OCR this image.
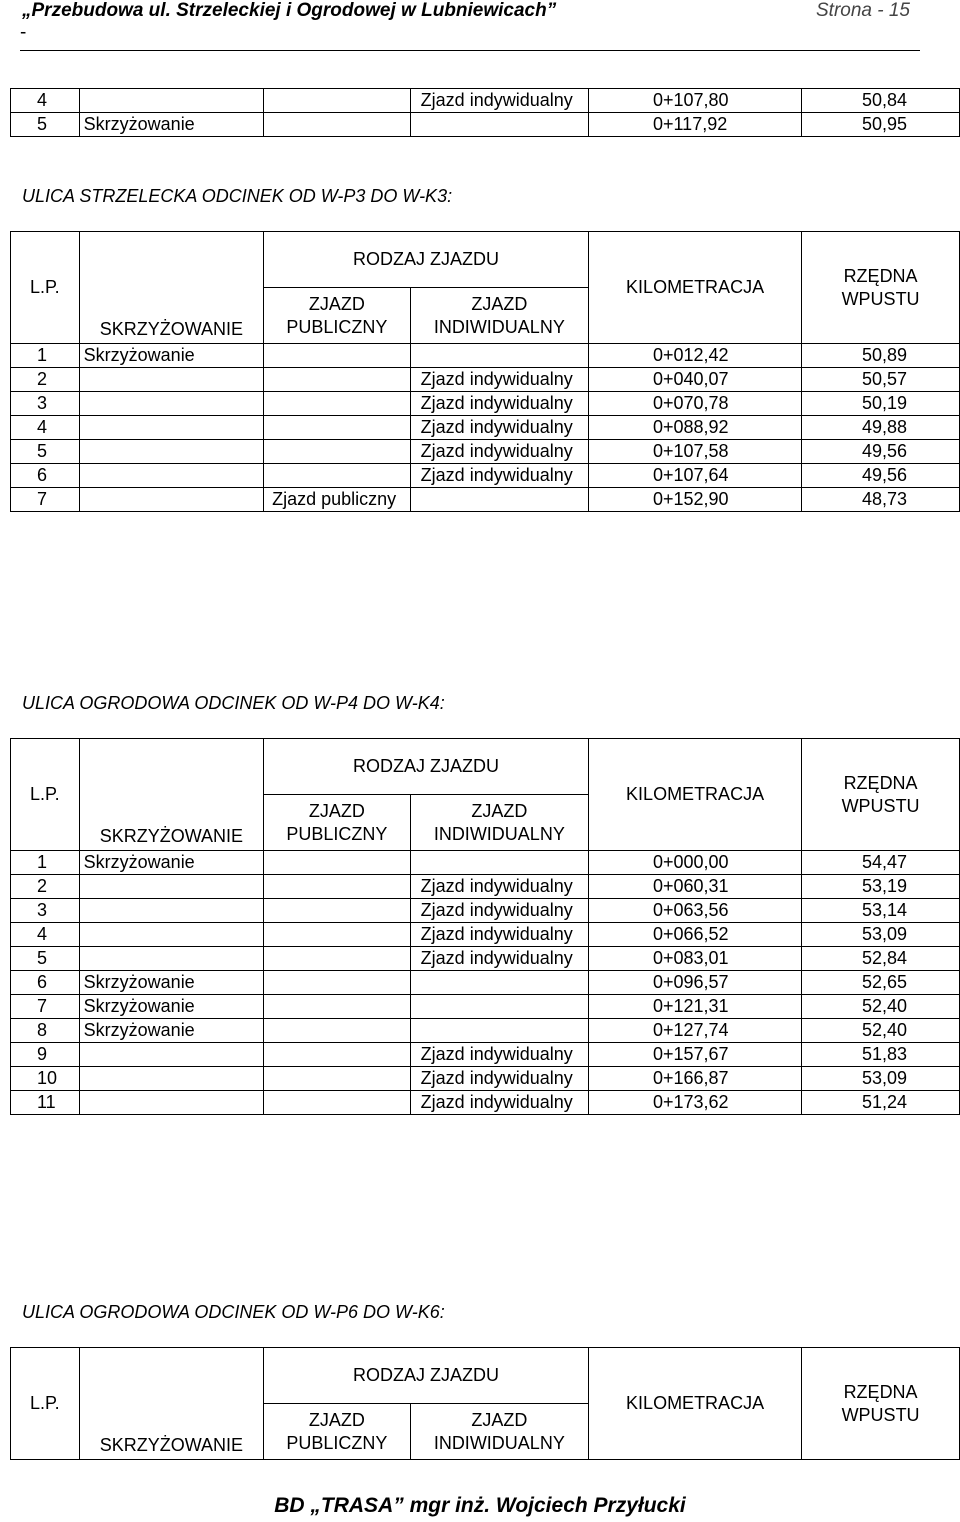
„Przebudowa ul. Strzeleckiej i Ogrodowej w Lubniewicach”	Strona - 15
-
4			Zjazd indywidualny	0+107,80	50,84
5	Skrzyżowanie			0+117,92	50,95
ULICA STRZELECKA ODCINEK OD W-P3 DO W-K3:
L.P.	SKRZYŻOWANIE	RODZAJ ZJAZDU		KILOMETRACJA	RZĘDNA WPUSTU
		ZJAZD PUBLICZNY	ZJAZD INDIWIDUALNY		
1	Skrzyżowanie			0+012,42	50,89
2			Zjazd indywidualny	0+040,07	50,57
3			Zjazd indywidualny	0+070,78	50,19
4			Zjazd indywidualny	0+088,92	49,88
5			Zjazd indywidualny	0+107,58	49,56
6			Zjazd indywidualny	0+107,64	49,56
7		Zjazd publiczny		0+152,90	48,73
ULICA OGRODOWA ODCINEK OD W-P4 DO W-K4:
L.P.	SKRZYŻOWANIE	RODZAJ ZJAZDU		KILOMETRACJA	RZĘDNA WPUSTU
		ZJAZD PUBLICZNY	ZJAZD INDIWIDUALNY		
1	Skrzyżowanie			0+000,00	54,47
2			Zjazd indywidualny	0+060,31	53,19
3			Zjazd indywidualny	0+063,56	53,14
4			Zjazd indywidualny	0+066,52	53,09
5			Zjazd indywidualny	0+083,01	52,84
6	Skrzyżowanie			0+096,57	52,65
7	Skrzyżowanie			0+121,31	52,40
8	Skrzyżowanie			0+127,74	52,40
9			Zjazd indywidualny	0+157,67	51,83
10			Zjazd indywidualny	0+166,87	53,09
11			Zjazd indywidualny	0+173,62	51,24
ULICA OGRODOWA ODCINEK OD W-P6 DO W-K6:
L.P.	SKRZYŻOWANIE	RODZAJ ZJAZDU		KILOMETRACJA	RZĘDNA WPUSTU
		ZJAZD PUBLICZNY	ZJAZD INDIWIDUALNY		
BD „TRASA” mgr inż. Wojciech Przyłucki
